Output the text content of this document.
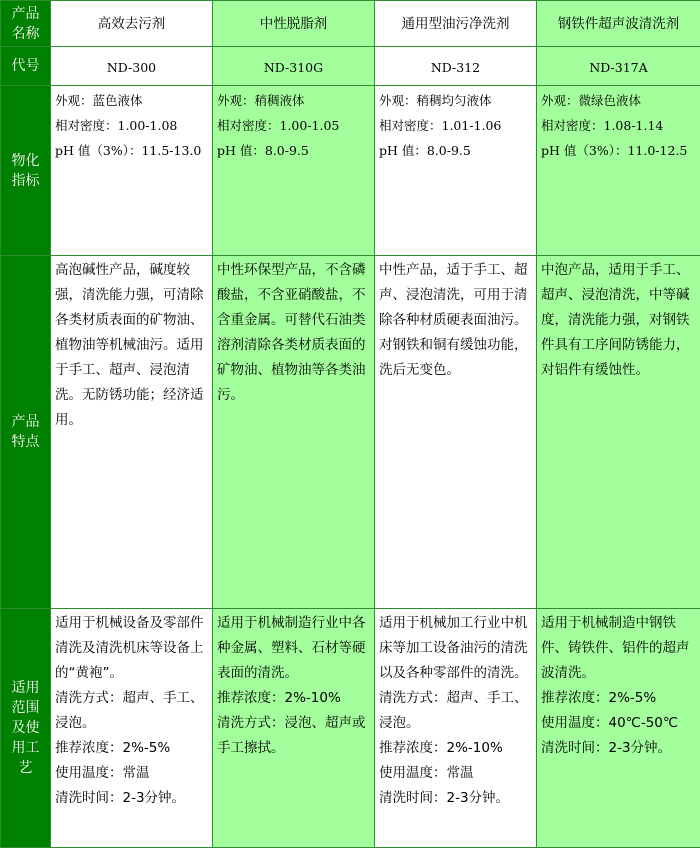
产品名称	高效去污剂	中性脱脂剂	通用型油污净洗剂	钢铁件超声波清洗剂
代号	ND-300	ND-310G	ND-312	ND-317A
物化指标	外观：蓝色液体
相对密度：1.00-1.08
pH 值（3%）：11.5-13.0	外观：稍稠液体
相对密度：1.00-1.05
pH 值：8.0-9.5	外观：稍稠均匀液体
相对密度：1.01-1.06
pH 值：8.0-9.5	外观：微绿色液体
相对密度：1.08-1.14
pH 值（3%）：11.0-12.5

产品特点	高泡碱性产品，碱度较强，清洗能力强，可清除各类材质表面的矿物油、植物油等机械油污。适用于手工、超声、浸泡清洗。无防锈功能；经济适用。	中性环保型产品，不含磷酸盐，不含亚硝酸盐，不含重金属。可替代石油类溶剂清除各类材质表面的矿物油、植物油等各类油污。	中性产品，适于手工、超声、浸泡清洗，可用于清除各种材质硬表面油污。对钢铁和铜有缓蚀功能，洗后无变色。	中泡产品，适用于手工、超声、浸泡清洗，中等碱度，清洗能力强，对钢铁件具有工序间防锈能力，对铝件有缓蚀性。

适用范围及使用工艺	适用于机械设备及零部件清洗及清洗机床等设备上的“黄袍”。
清洗方式：超声、手工、浸泡。
推荐浓度：2%-5%
使用温度：常温
清洗时间：2-3分钟。	适用于机械制造行业中各种金属、塑料、石材等硬表面的清洗。
推荐浓度：2%-10%
清洗方式：浸泡、超声或手工擦拭。	适用于机械加工行业中机床等加工设备油污的清洗以及各种零部件的清洗。
清洗方式：超声、手工、浸泡。
推荐浓度：2%-10%
使用温度：常温
清洗时间：2-3分钟。	适用于机械制造中钢铁件、铸铁件、铝件的超声波清洗。
推荐浓度：2%-5%
使用温度：40℃-50℃
清洗时间：2-3分钟。
